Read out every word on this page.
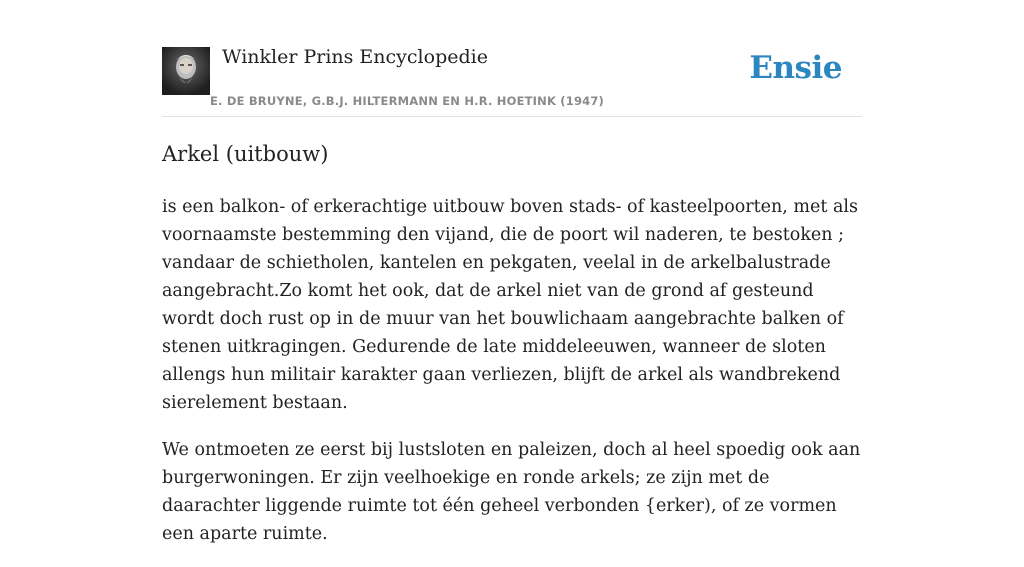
Winkler Prins Encyclopedie
E. DE BRUYNE, G.B.J. HILTERMANN EN H.R. HOETINK (1947)
Ensie
Arkel (uitbouw)

is een balkon- of erkerachtige uitbouw boven stads- of kasteelpoorten, met als voornaamste bestemming den vijand, die de poort wil naderen, te bestoken ; vandaar de schietholen, kantelen en pekgaten, veelal in de arkelbalustrade aangebracht.Zo komt het ook, dat de arkel niet van de grond af gesteund wordt doch rust op in de muur van het bouwlichaam aangebrachte balken of stenen uitkragingen. Gedurende de late middeleeuwen, wanneer de sloten allengs hun militair karakter gaan verliezen, blijft de arkel als wandbrekend sierelement bestaan.

We ontmoeten ze eerst bij lustsloten en paleizen, doch al heel spoedig ook aan burgerwoningen. Er zijn veelhoekige en ronde arkels; ze zijn met de daarachter liggende ruimte tot één geheel verbonden {erker), of ze vormen een aparte ruimte.
